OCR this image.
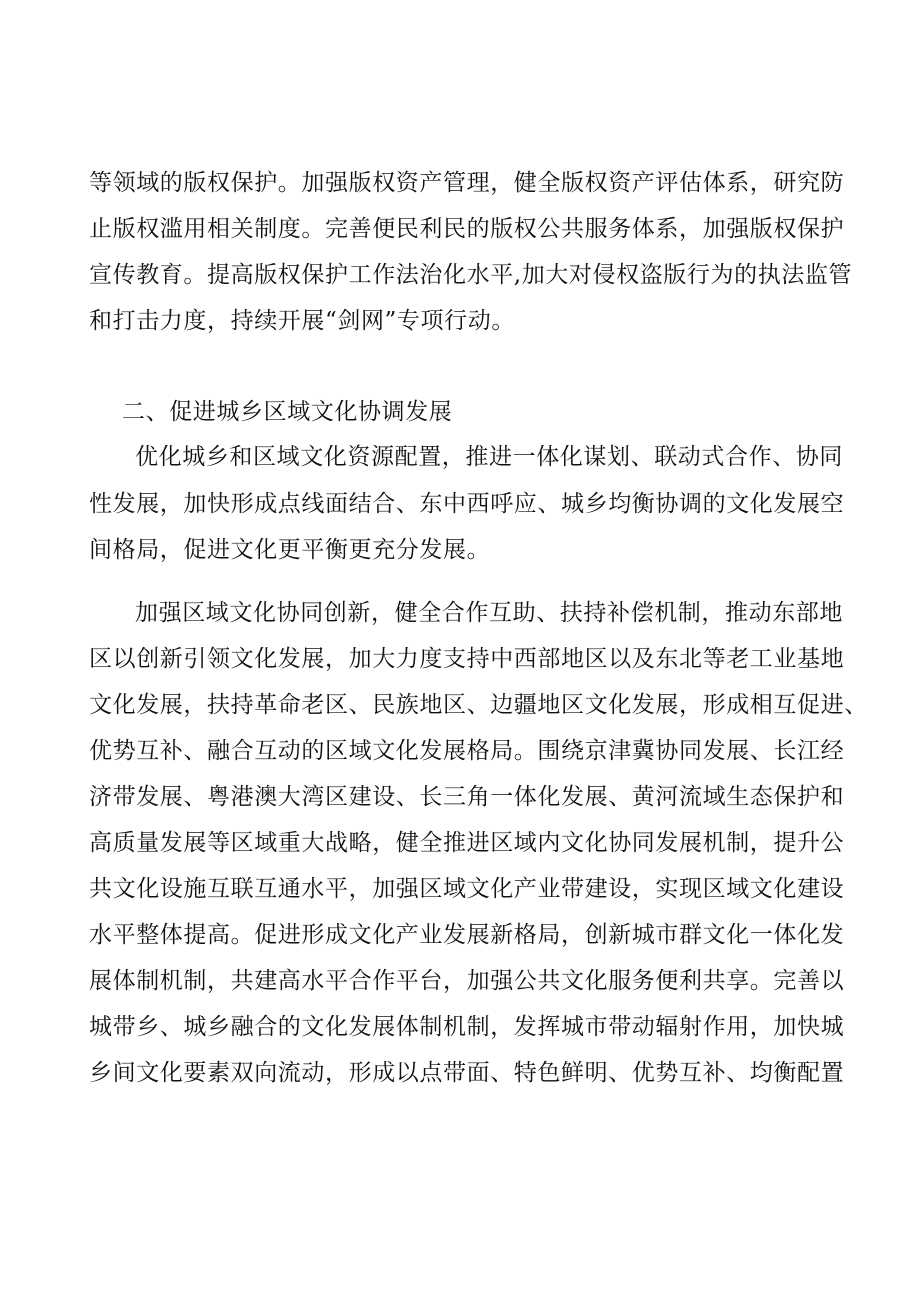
等领域的版权保护。加强版权资产管理，健全版权资产评估体系，研究防
止版权滥用相关制度。完善便民利民的版权公共服务体系，加强版权保护
宣传教育。提高版权保护工作法治化水平,加大对侵权盗版行为的执法监管
和打击力度，持续开展“剑网”专项行动。
二、促进城乡区域文化协调发展
优化城乡和区域文化资源配置，推进一体化谋划、联动式合作、协同
性发展，加快形成点线面结合、东中西呼应、城乡均衡协调的文化发展空
间格局，促进文化更平衡更充分发展。
加强区域文化协同创新，健全合作互助、扶持补偿机制，推动东部地
区以创新引领文化发展，加大力度支持中西部地区以及东北等老工业基地
文化发展，扶持革命老区、民族地区、边疆地区文化发展，形成相互促进、
优势互补、融合互动的区域文化发展格局。围绕京津冀协同发展、长江经
济带发展、粤港澳大湾区建设、长三角一体化发展、黄河流域生态保护和
高质量发展等区域重大战略，健全推进区域内文化协同发展机制，提升公
共文化设施互联互通水平，加强区域文化产业带建设，实现区域文化建设
水平整体提高。促进形成文化产业发展新格局，创新城市群文化一体化发
展体制机制，共建高水平合作平台，加强公共文化服务便利共享。完善以
城带乡、城乡融合的文化发展体制机制，发挥城市带动辐射作用，加快城
乡间文化要素双向流动，形成以点带面、特色鲜明、优势互补、均衡配置
